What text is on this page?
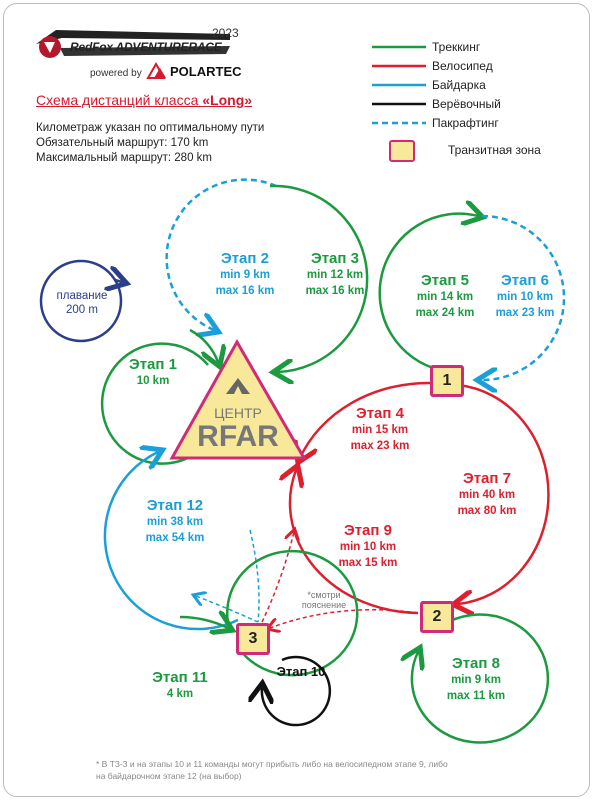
2023
RedFox ADVENTURERACE
powered by POLARTEC
Схема дистанций класса «Long»
Километраж указан по оптимальному пути
Обязательный маршрут: 170 km
Максимальный маршрут: 280 km
Треккинг
Велосипед
Байдарка
Верёвочный
Пакрафтинг
Транзитная зона
плавание
200 m
ЦЕНТР
RFAR
Этап 1
10 km
Этап 2
min 9 km
max 16 km
Этап 3
min 12 km
max 16 km
Этап 5
min 14 km
max 24 km
Этап 6
min 10 km
max 23 km
Этап 4
min 15 km
max 23 km
Этап 7
min 40 km
max 80 km
Этап 9
min 10 km
max 15 km
Этап 12
min 38 km
max 54 km
Этап 8
min 9 km
max 11 km
Этап 11
4 km
Этап 10
1
2
3
*смотри пояснение
* В ТЗ-3 и на этапы 10 и 11 команды могут прибыть либо на велосипедном этапе 9, либо на байдарочном этапе 12 (на выбор)
